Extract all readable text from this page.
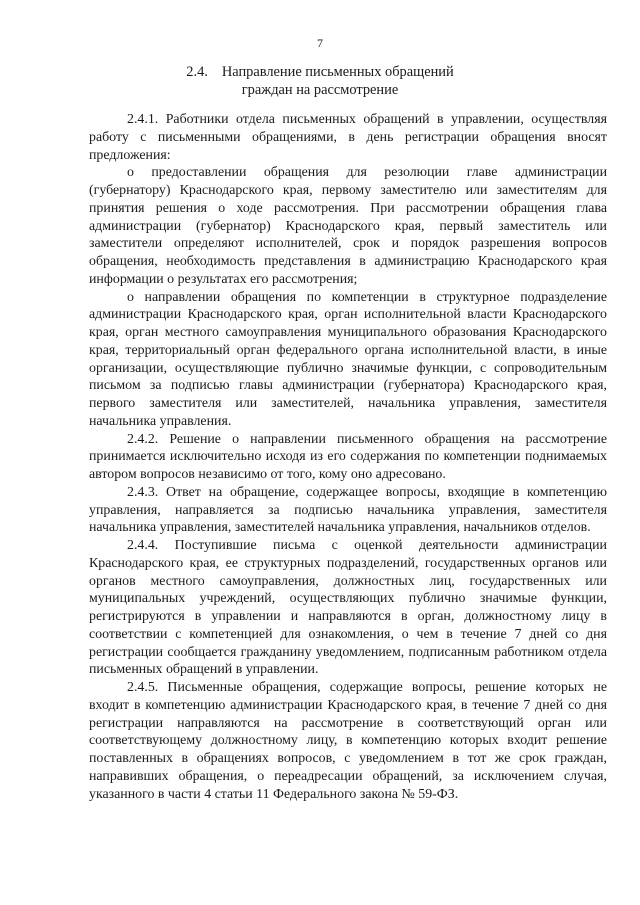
7
2.4. Направление письменных обращений
граждан на рассмотрение

2.4.1. Работники отдела письменных обращений в управлении, осуществляя работу с письменными обращениями, в день регистрации обращения вносят предложения:

о предоставлении обращения для резолюции главе администрации (губернатору) Краснодарского края, первому заместителю или заместителям для принятия решения о ходе рассмотрения. При рассмотрении обращения глава администрации (губернатор) Краснодарского края, первый заместитель или заместители определяют исполнителей, срок и порядок разрешения вопросов обращения, необходимость представления в администрацию Краснодарского края информации о результатах его рассмотрения;

о направлении обращения по компетенции в структурное подразделение администрации Краснодарского края, орган исполнительной власти Краснодарского края, орган местного самоуправления муниципального образования Краснодарского края, территориальный орган федерального органа исполнительной власти, в иные организации, осуществляющие публично значимые функции, с сопроводительным письмом за подписью главы администрации (губернатора) Краснодарского края, первого заместителя или заместителей, начальника управления, заместителя начальника управления.

2.4.2. Решение о направлении письменного обращения на рассмотрение принимается исключительно исходя из его содержания по компетенции поднимаемых автором вопросов независимо от того, кому оно адресовано.

2.4.3. Ответ на обращение, содержащее вопросы, входящие в компетенцию управления, направляется за подписью начальника управления, заместителя начальника управления, заместителей начальника управления, начальников отделов.

2.4.4. Поступившие письма с оценкой деятельности администрации Краснодарского края, ее структурных подразделений, государственных органов или органов местного самоуправления, должностных лиц, государственных или муниципальных учреждений, осуществляющих публично значимые функции, регистрируются в управлении и направляются в орган, должностному лицу в соответствии с компетенцией для ознакомления, о чем в течение 7 дней со дня регистрации сообщается гражданину уведомлением, подписанным работником отдела письменных обращений в управлении.

2.4.5. Письменные обращения, содержащие вопросы, решение которых не входит в компетенцию администрации Краснодарского края, в течение 7 дней со дня регистрации направляются на рассмотрение в соответствующий орган или соответствующему должностному лицу, в компетенцию которых входит решение поставленных в обращениях вопросов, с уведомлением в тот же срок граждан, направивших обращения, о переадресации обращений, за исключением случая, указанного в части 4 статьи 11 Федерального закона № 59-ФЗ.
